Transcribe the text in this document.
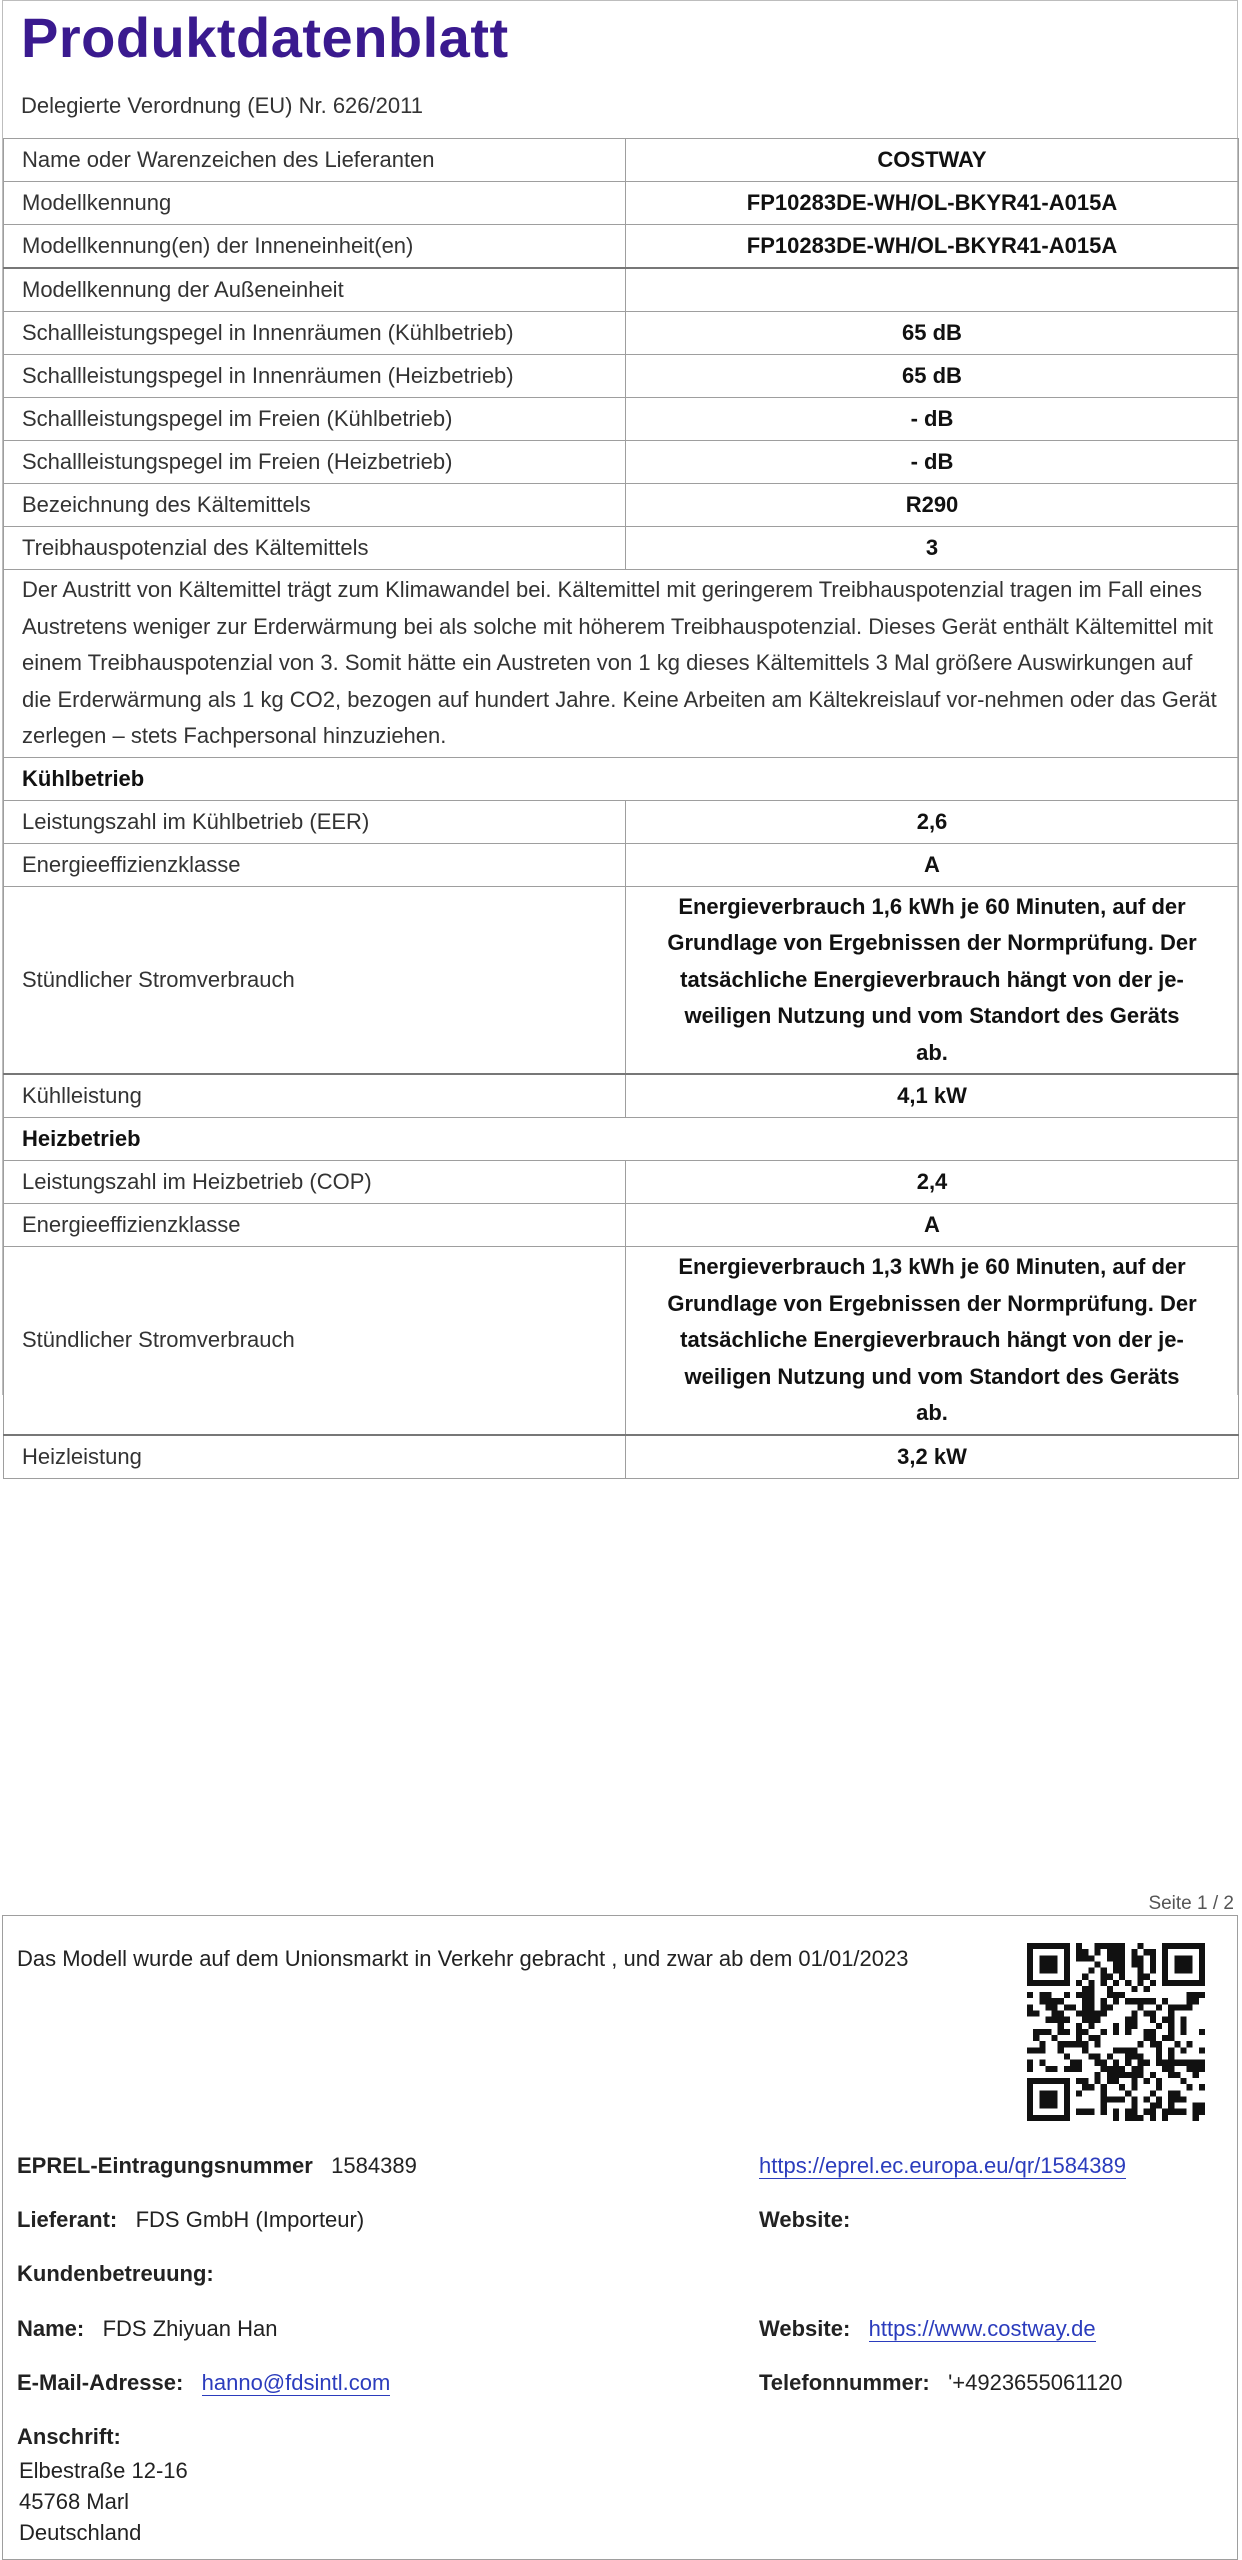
Produktdatenblatt
Delegierte Verordnung (EU) Nr. 626/2011
Name oder Warenzeichen des Lieferanten	COSTWAY
Modellkennung	FP10283DE-WH/OL-BKYR41-A015A
Modellkennung(en) der Inneneinheit(en)	FP10283DE-WH/OL-BKYR41-A015A
Modellkennung der Außeneinheit	
Schallleistungspegel in Innenräumen (Kühlbetrieb)	65 dB
Schallleistungspegel in Innenräumen (Heizbetrieb)	65 dB
Schallleistungspegel im Freien (Kühlbetrieb)	- dB
Schallleistungspegel im Freien (Heizbetrieb)	- dB
Bezeichnung des Kältemittels	R290
Treibhauspotenzial des Kältemittels	3
Der Austritt von Kältemittel trägt zum Klimawandel bei. Kältemittel mit geringerem Treibhauspotenzial tragen im Fall eines Austretens weniger zur Erderwärmung bei als solche mit höherem Treibhauspotenzial. Dieses Gerät enthält Kältemittel mit einem Treibhauspotenzial von 3. Somit hätte ein Austreten von 1 kg dieses Kältemittels 3 Mal größere Auswirkungen auf die Erderwärmung als 1 kg CO2, bezogen auf hundert Jahre. Keine Arbeiten am Kältekreislauf vor-nehmen oder das Gerät zerlegen – stets Fachpersonal hinzuziehen.	
Kühlbetrieb	
Leistungszahl im Kühlbetrieb (EER)	2,6
Energieeffizienzklasse	A
Stündlicher Stromverbrauch	Energieverbrauch 1,6 kWh je 60 Minuten, auf der Grundlage von Ergebnissen der Normprüfung. Der tatsächliche Energieverbrauch hängt von der je-weiligen Nutzung und vom Standort des Geräts ab.
Kühlleistung	4,1 kW
Heizbetrieb	
Leistungszahl im Heizbetrieb (COP)	2,4
Energieeffizienzklasse	A
Stündlicher Stromverbrauch	Energieverbrauch 1,3 kWh je 60 Minuten, auf der Grundlage von Ergebnissen der Normprüfung. Der tatsächliche Energieverbrauch hängt von der je-weiligen Nutzung und vom Standort des Geräts ab.
Heizleistung	3,2 kW
Seite 1 / 2
Das Modell wurde auf dem Unionsmarkt in Verkehr gebracht , und zwar ab dem 01/01/2023
EPREL-Eintragungsnummer 1584389	https://eprel.ec.europa.eu/qr/1584389
Lieferant: FDS GmbH (Importeur)	Website:
Kundenbetreuung:
Name: FDS Zhiyuan Han	Website: https://www.costway.de
E-Mail-Adresse: hanno@fdsintl.com	Telefonnummer: '+4923655061120
Anschrift:
Elbestraße 12-16
45768 Marl
Deutschland
